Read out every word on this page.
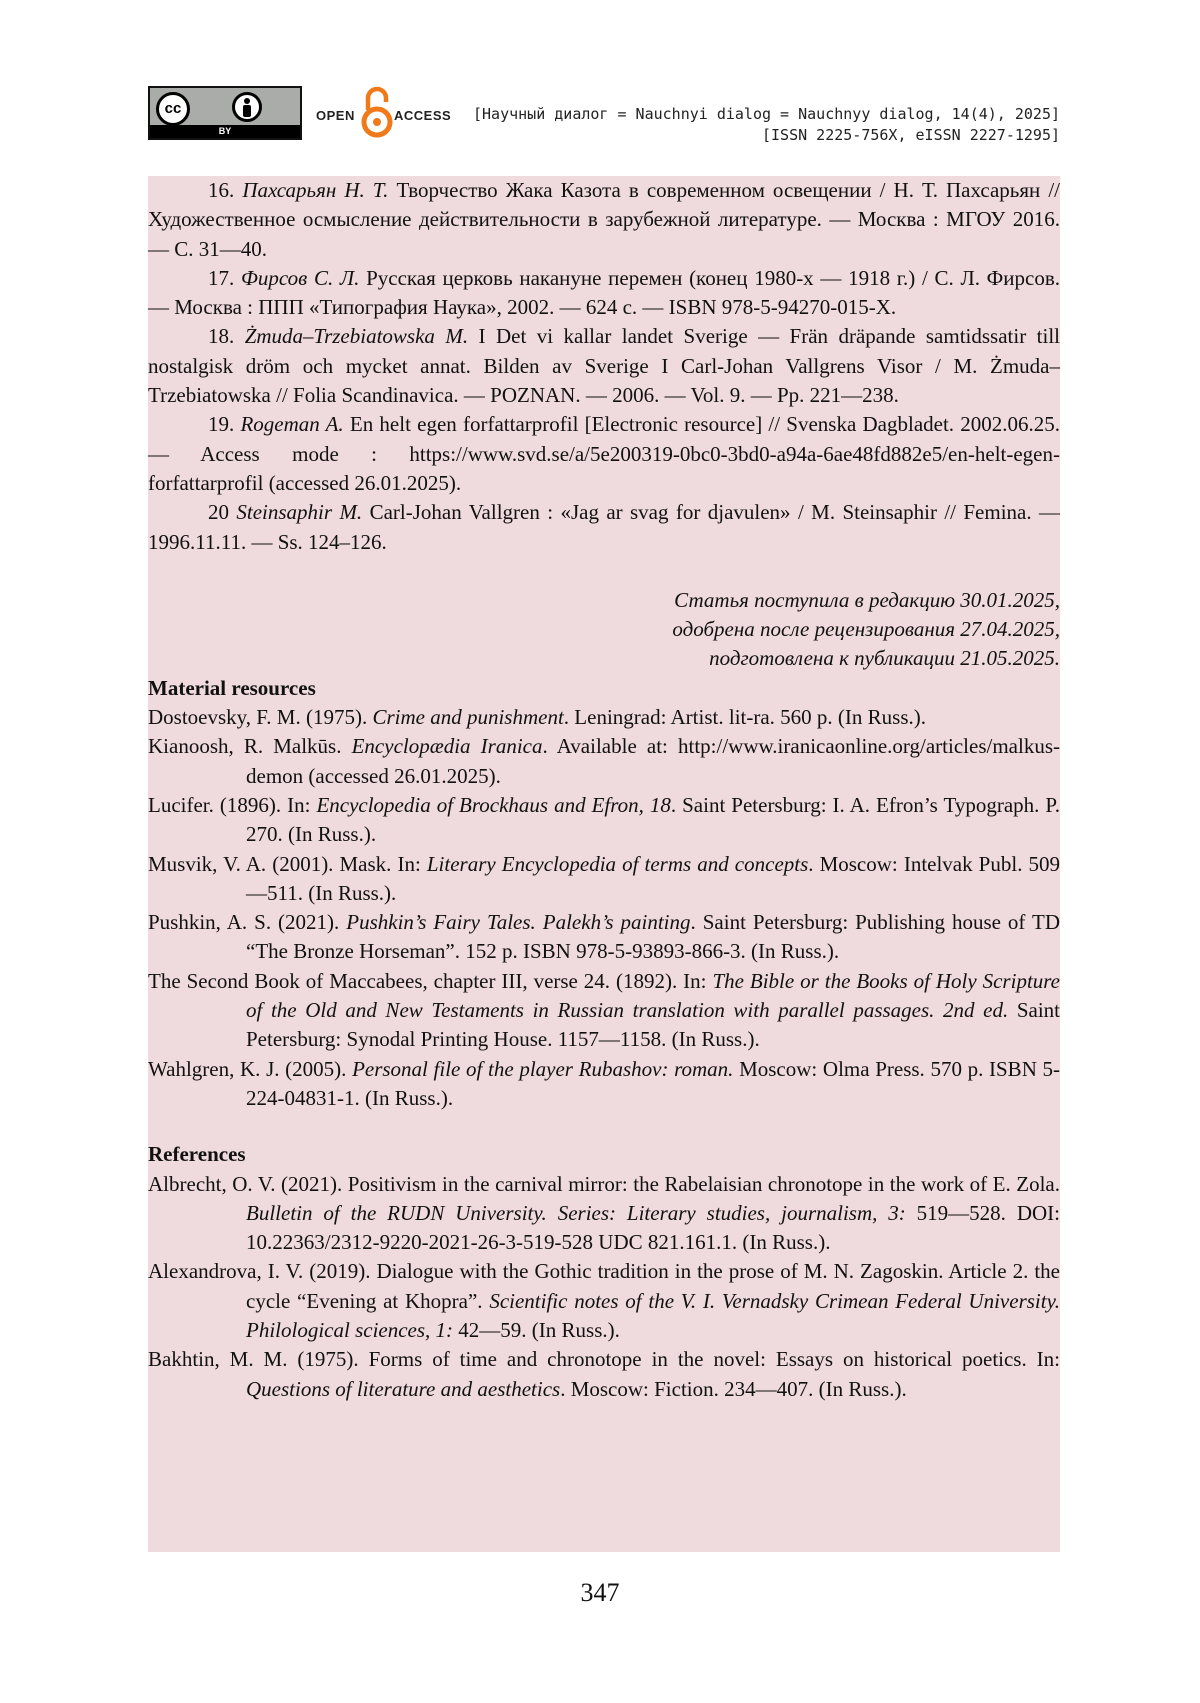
cc
BY
OPEN	ACCESS [Научный диалог = Nauchnyi dialog = Nauchnyy dialog, 14(4), 2025]
[ISSN 2225-756X, eISSN 2227-1295]

16. Пахсарьян Н. Т. Творчество Жака Казота в современном освещении / Н. Т. Пахсарьян // Художественное осмысление действительности в зарубежной литературе. — Москва : МГОУ 2016. — С. 31—40.

17. Фирсов С. Л. Русская церковь накануне перемен (конец 1980-х — 1918 г.) / С. Л. Фирсов. — Москва : ППП «Типография Наука», 2002. — 624 с. — ISBN 978-5-94270-015-X.

18. Żmuda–Trzebiatowska M. I Det vi kallar landet Sverige — Frän dräpande samtidssatir till nostalgisk dröm och mycket annat. Bilden av Sverige I Carl-Johan Vallgrens Visor / M. Żmuda–Trzebiatowska // Folia Scandinavica. — POZNAN. — 2006. — Vol. 9. — Pp. 221—238.

19. Rogeman A. En helt egen forfattarprofil [Electronic resource] // Svenska Dagbladet. 2002.06.25. — Access mode : https://www.svd.se/a/5e200319-0bc0-3bd0-a94a-6ae48fd882e5/en-helt-egen-forfattarprofil (accessed 26.01.2025).

20 Steinsaphir M. Carl-Johan Vallgren : «Jag ar svag for djavulen» / M. Steinsaphir // Femina. — 1996.11.11. — Ss. 124–126.

Статья поступила в редакцию 30.01.2025,

одобрена после рецензирования 27.04.2025,

подготовлена к публикации 21.05.2025.

Material resources

Dostoevsky, F. M. (1975). Crime and punishment. Leningrad: Artist. lit-ra. 560 p. (In Russ.).

Kianoosh, R. Malkūs. Encyclopædia Iranica. Available at: http://www.iranicaonline.org/articles/malkus-demon (accessed 26.01.2025).

Lucifer. (1896). In: Encyclopedia of Brockhaus and Efron, 18. Saint Petersburg: I. A. Efron’s Typograph. P. 270. (In Russ.).

Musvik, V. A. (2001). Mask. In: Literary Encyclopedia of terms and concepts. Moscow: Intelvak Publ. 509—511. (In Russ.).

Pushkin, A. S. (2021). Pushkin’s Fairy Tales. Palekh’s painting. Saint Petersburg: Publishing house of TD “The Bronze Horseman”. 152 p. ISBN 978-5-93893-866-3. (In Russ.).

The Second Book of Maccabees, chapter III, verse 24. (1892). In: The Bible or the Books of Holy Scripture of the Old and New Testaments in Russian translation with parallel passages. 2nd ed. Saint Petersburg: Synodal Printing House. 1157—1158. (In Russ.).

Wahlgren, K. J. (2005). Personal file of the player Rubashov: roman. Moscow: Olma Press. 570 p. ISBN 5-224-04831-1. (In Russ.).

References

Albrecht, O. V. (2021). Positivism in the carnival mirror: the Rabelaisian chronotope in the work of E. Zola. Bulletin of the RUDN University. Series: Literary studies, journalism, 3: 519—528. DOI: 10.22363/2312-9220-2021-26-3-519-528 UDC 821.161.1. (In Russ.).

Alexandrova, I. V. (2019). Dialogue with the Gothic tradition in the prose of M. N. Zagoskin. Article 2. the cycle “Evening at Khopra”. Scientific notes of the V. I. Vernadsky Crimean Federal University. Philological sciences, 1: 42—59. (In Russ.).

Bakhtin, M. M. (1975). Forms of time and chronotope in the novel: Essays on historical poetics. In: Questions of literature and aesthetics. Moscow: Fiction. 234—407. (In Russ.).

347
